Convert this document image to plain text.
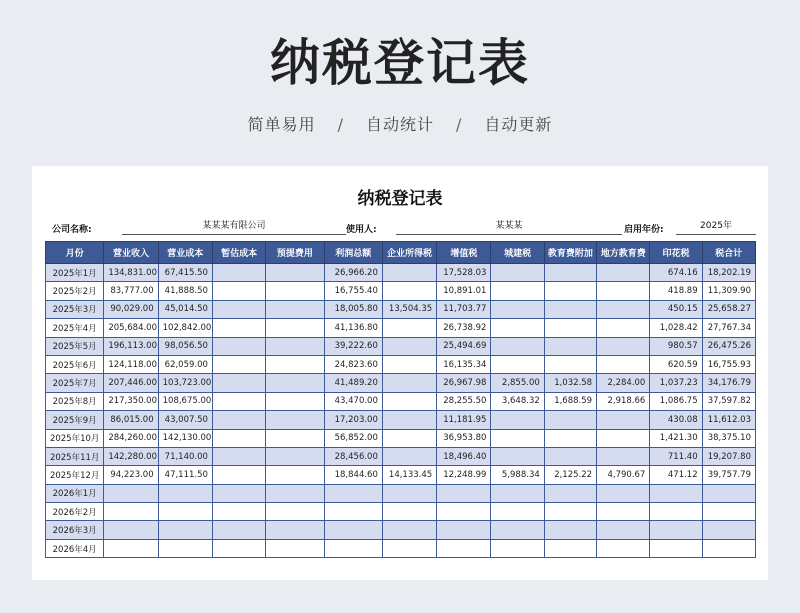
纳税登记表
简单易用 / 自动统计 / 自动更新
纳税登记表
公司名称:	某某某有限公司	使用人:	某某某	启用年份:	2025年
月份	营业收入	营业成本	暂估成本	预提费用	利润总额	企业所得税	增值税	城建税	教育费附加	地方教育费	印花税	税合计
2025年1月	134,831.00	67,415.50			26,966.20		17,528.03				674.16	18,202.19
2025年2月	83,777.00	41,888.50			16,755.40		10,891.01				418.89	11,309.90
2025年3月	90,029.00	45,014.50			18,005.80	13,504.35	11,703.77				450.15	25,658.27
2025年4月	205,684.00	102,842.00			41,136.80		26,738.92				1,028.42	27,767.34
2025年5月	196,113.00	98,056.50			39,222.60		25,494.69				980.57	26,475.26
2025年6月	124,118.00	62,059.00			24,823.60		16,135.34				620.59	16,755.93
2025年7月	207,446.00	103,723.00			41,489.20		26,967.98	2,855.00	1,032.58	2,284.00	1,037.23	34,176.79
2025年8月	217,350.00	108,675.00			43,470.00		28,255.50	3,648.32	1,688.59	2,918.66	1,086.75	37,597.82
2025年9月	86,015.00	43,007.50			17,203.00		11,181.95				430.08	11,612.03
2025年10月	284,260.00	142,130.00			56,852.00		36,953.80				1,421.30	38,375.10
2025年11月	142,280.00	71,140.00			28,456.00		18,496.40				711.40	19,207.80
2025年12月	94,223.00	47,111.50			18,844.60	14,133.45	12,248.99	5,988.34	2,125.22	4,790.67	471.12	39,757.79
2026年1月												
2026年2月												
2026年3月												
2026年4月												
